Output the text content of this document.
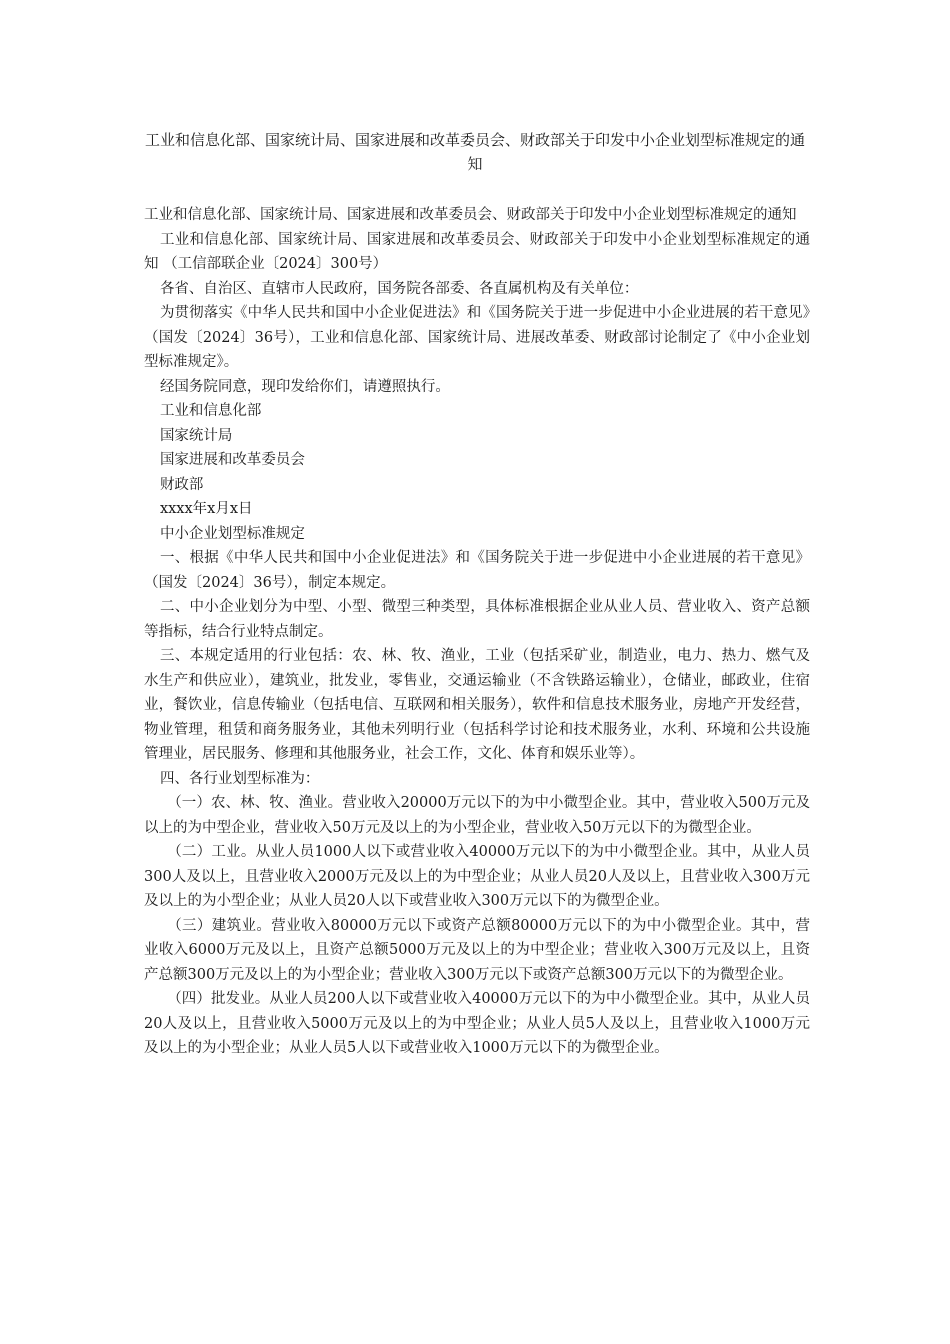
工业和信息化部、国家统计局、国家进展和改革委员会、财政部关于印发中小企业划型标准规定的通知

工业和信息化部、国家统计局、国家进展和改革委员会、财政部关于印发中小企业划型标准规定的通知

工业和信息化部、国家统计局、国家进展和改革委员会、财政部关于印发中小企业划型标准规定的通知 （工信部联企业〔2024〕300号）

各省、自治区、直辖市人民政府，国务院各部委、各直属机构及有关单位：

为贯彻落实《中华人民共和国中小企业促进法》和《国务院关于进一步促进中小企业进展的若干意见》（国发〔2024〕36号），工业和信息化部、国家统计局、进展改革委、财政部讨论制定了《中小企业划型标准规定》。

经国务院同意，现印发给你们，请遵照执行。

工业和信息化部

国家统计局

国家进展和改革委员会

财政部

xxxx年x月x日

中小企业划型标准规定

一、根据《中华人民共和国中小企业促进法》和《国务院关于进一步促进中小企业进展的若干意见》（国发〔2024〕36号），制定本规定。

二、中小企业划分为中型、小型、微型三种类型，具体标准根据企业从业人员、营业收入、资产总额等指标，结合行业特点制定。

三、本规定适用的行业包括：农、林、牧、渔业，工业（包括采矿业，制造业，电力、热力、燃气及水生产和供应业），建筑业，批发业，零售业，交通运输业（不含铁路运输业），仓储业，邮政业，住宿业，餐饮业，信息传输业（包括电信、互联网和相关服务），软件和信息技术服务业，房地产开发经营，物业管理，租赁和商务服务业，其他未列明行业（包括科学讨论和技术服务业，水利、环境和公共设施管理业，居民服务、修理和其他服务业，社会工作，文化、体育和娱乐业等）。

四、各行业划型标准为：

（一）农、林、牧、渔业。营业收入20000万元以下的为中小微型企业。其中，营业收入500万元及以上的为中型企业，营业收入50万元及以上的为小型企业，营业收入50万元以下的为微型企业。

（二）工业。从业人员1000人以下或营业收入40000万元以下的为中小微型企业。其中，从业人员300人及以上，且营业收入2000万元及以上的为中型企业；从业人员20人及以上，且营业收入300万元及以上的为小型企业；从业人员20人以下或营业收入300万元以下的为微型企业。

（三）建筑业。营业收入80000万元以下或资产总额80000万元以下的为中小微型企业。其中，营业收入6000万元及以上，且资产总额5000万元及以上的为中型企业；营业收入300万元及以上，且资产总额300万元及以上的为小型企业；营业收入300万元以下或资产总额300万元以下的为微型企业。

（四）批发业。从业人员200人以下或营业收入40000万元以下的为中小微型企业。其中，从业人员20人及以上，且营业收入5000万元及以上的为中型企业；从业人员5人及以上，且营业收入1000万元及以上的为小型企业；从业人员5人以下或营业收入1000万元以下的为微型企业。
